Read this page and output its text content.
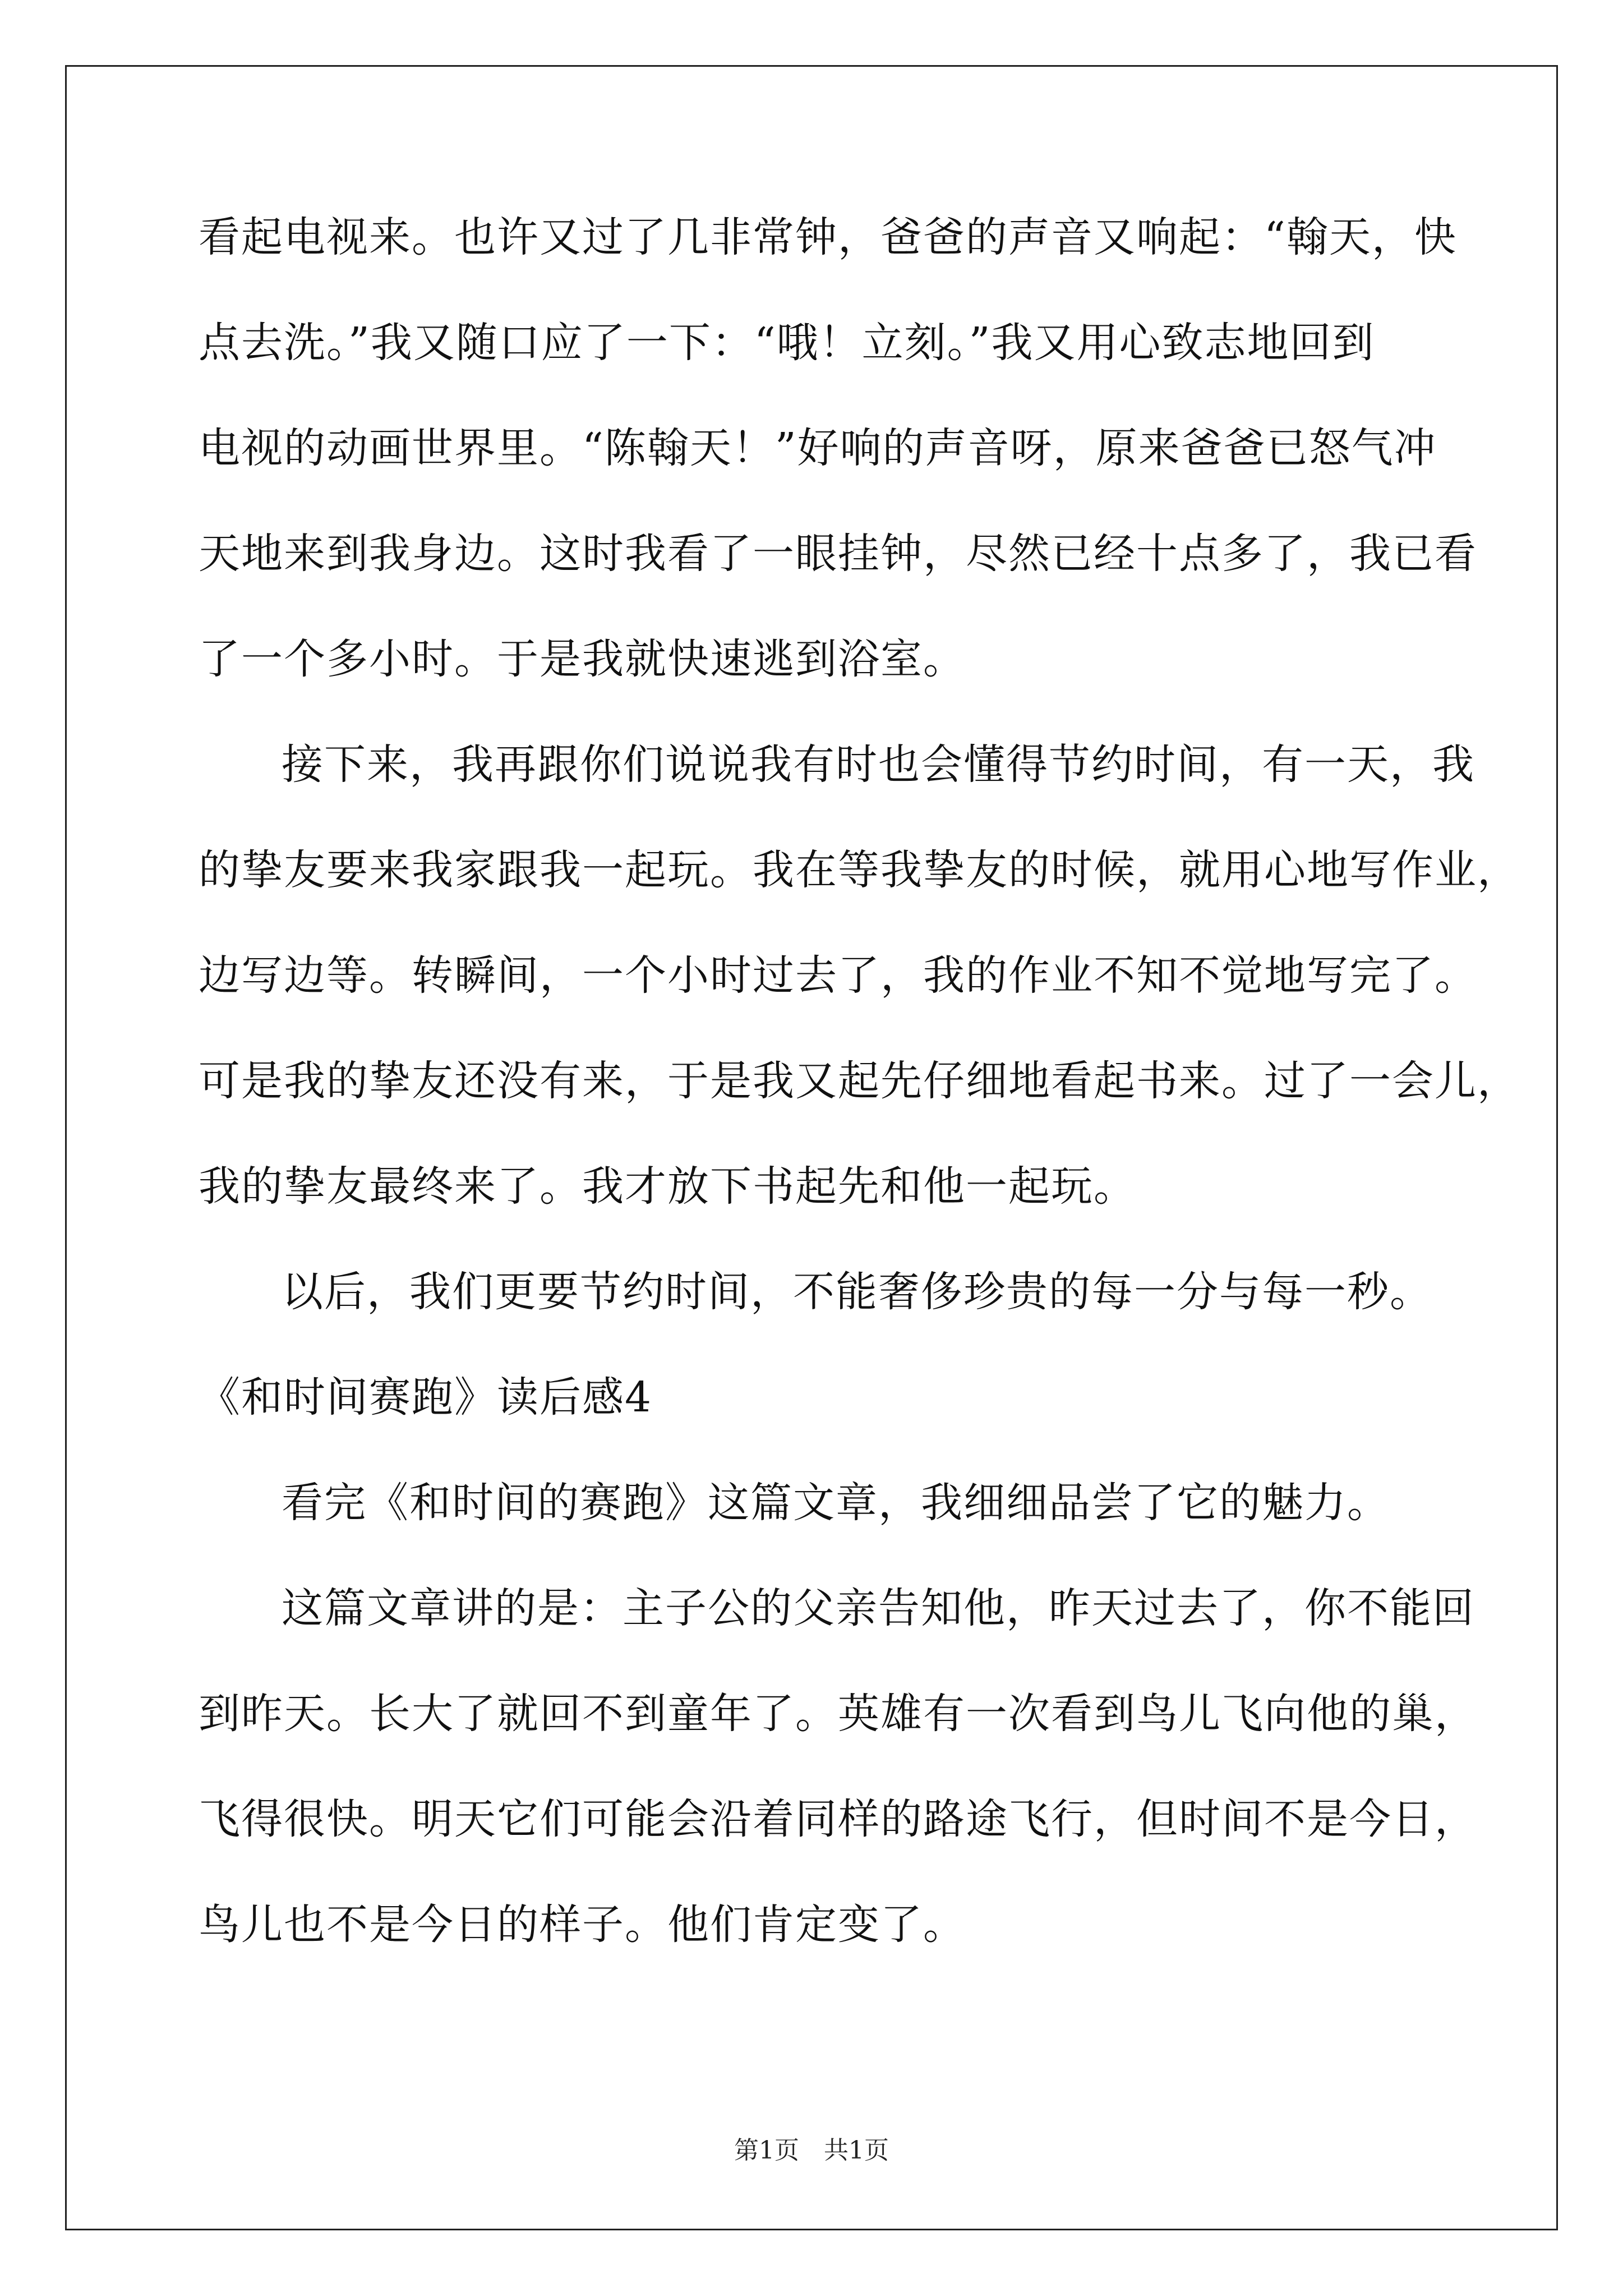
看起电视来。也许又过了几非常钟，爸爸的声音又响起：“翰天，快
点去洗。”我又随口应了一下：“哦！立刻。”我又用心致志地回到
电视的动画世界里。“陈翰天！”好响的声音呀，原来爸爸已怒气冲
天地来到我身边。这时我看了一眼挂钟，尽然已经十点多了，我已看
了一个多小时。于是我就快速逃到浴室。
接下来，我再跟你们说说我有时也会懂得节约时间，有一天，我
的挚友要来我家跟我一起玩。我在等我挚友的时候，就用心地写作业，
边写边等。转瞬间，一个小时过去了，我的作业不知不觉地写完了。
可是我的挚友还没有来，于是我又起先仔细地看起书来。过了一会儿，
我的挚友最终来了。我才放下书起先和他一起玩。
以后，我们更要节约时间，不能奢侈珍贵的每一分与每一秒。
《和时间赛跑》读后感4
看完《和时间的赛跑》这篇文章，我细细品尝了它的魅力。
这篇文章讲的是：主子公的父亲告知他，昨天过去了，你不能回
到昨天。长大了就回不到童年了。英雄有一次看到鸟儿飞向他的巢，
飞得很快。明天它们可能会沿着同样的路途飞行，但时间不是今日，
鸟儿也不是今日的样子。他们肯定变了。
第1页　共1页
